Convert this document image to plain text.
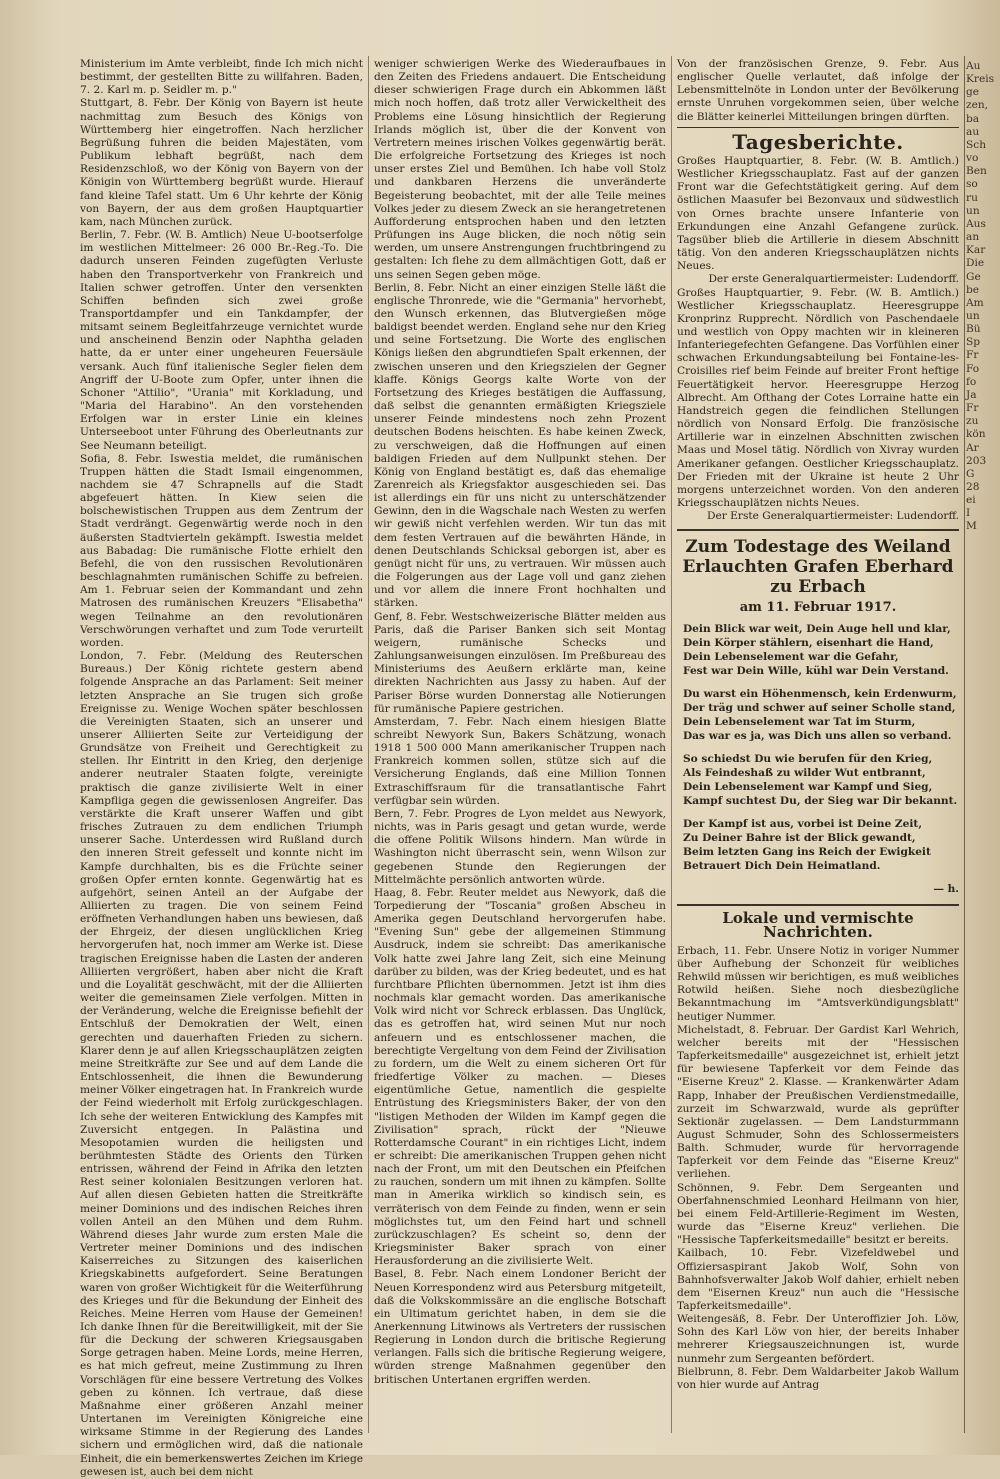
Ministerium im Amte verbleibt, finde Ich mich nicht bestimmt, der gestellten Bitte zu willfahren. Baden, 7. 2. Karl m. p. Seidler m. p."

Stuttgart, 8. Febr. Der König von Bayern ist heute nachmittag zum Besuch des Königs von Württemberg hier eingetroffen. Nach herzlicher Begrüßung fuhren die beiden Majestäten, vom Publikum lebhaft begrüßt, nach dem Residenzschloß, wo der König von Bayern von der Königin von Württemberg begrüßt wurde. Hierauf fand kleine Tafel statt. Um 6 Uhr kehrte der König von Bayern, der aus dem großen Hauptquartier kam, nach München zurück.

Berlin, 7. Febr. (W. B. Amtlich) Neue U-bootserfolge im westlichen Mittelmeer: 26 000 Br.-Reg.-To. Die dadurch unseren Feinden zugefügten Verluste haben den Transportverkehr von Frankreich und Italien schwer getroffen. Unter den versenkten Schiffen befinden sich zwei große Transportdampfer und ein Tankdampfer, der mitsamt seinem Begleitfahrzeuge vernichtet wurde und anscheinend Benzin oder Naphtha geladen hatte, da er unter einer ungeheuren Feuersäule versank. Auch fünf italienische Segler fielen dem Angriff der U-Boote zum Opfer, unter ihnen die Schoner "Attilio", "Urania" mit Korkladung, und "Maria del Harabino". An den vorstehenden Erfolgen war in erster Linie ein kleines Unterseeboot unter Führung des Oberleutnants zur See Neumann beteiligt.

Sofia, 8. Febr. Iswestia meldet, die rumänischen Truppen hätten die Stadt Ismail eingenommen, nachdem sie 47 Schrapnells auf die Stadt abgefeuert hätten. In Kiew seien die bolschewistischen Truppen aus dem Zentrum der Stadt verdrängt. Gegenwärtig werde noch in den äußersten Stadtvierteln gekämpft. Iswestia meldet aus Babadag: Die rumänische Flotte erhielt den Befehl, die von den russischen Revolutionären beschlagnahmten rumänischen Schiffe zu befreien. Am 1. Februar seien der Kommandant und zehn Matrosen des rumänischen Kreuzers "Elisabetha" wegen Teilnahme an den revolutionären Verschwörungen verhaftet und zum Tode verurteilt worden.

London, 7. Febr. (Meldung des Reuterschen Bureaus.) Der König richtete gestern abend folgende Ansprache an das Parlament: Seit meiner letzten Ansprache an Sie trugen sich große Ereignisse zu. Wenige Wochen später beschlossen die Vereinigten Staaten, sich an unserer und unserer Alliierten Seite zur Verteidigung der Grundsätze von Freiheit und Gerechtigkeit zu stellen. Ihr Eintritt in den Krieg, den derjenige anderer neutraler Staaten folgte, vereinigte praktisch die ganze zivilisierte Welt in einer Kampfliga gegen die gewissenlosen Angreifer. Das verstärkte die Kraft unserer Waffen und gibt frisches Zutrauen zu dem endlichen Triumph unserer Sache. Unterdessen wird Rußland durch den inneren Streit gefesselt und konnte nicht im Kampfe durchhalten, bis es die Früchte seiner großen Opfer ernten konnte. Gegenwärtig hat es aufgehört, seinen Anteil an der Aufgabe der Alliierten zu tragen. Die von seinem Feind eröffneten Verhandlungen haben uns bewiesen, daß der Ehrgeiz, der diesen unglücklichen Krieg hervorgerufen hat, noch immer am Werke ist. Diese tragischen Ereignisse haben die Lasten der anderen Alliierten vergrößert, haben aber nicht die Kraft und die Loyalität geschwächt, mit der die Alliierten weiter die gemeinsamen Ziele verfolgen. Mitten in der Veränderung, welche die Ereignisse befiehlt der Entschluß der Demokratien der Welt, einen gerechten und dauerhaften Frieden zu sichern. Klarer denn je auf allen Kriegsschauplätzen zeigten meine Streitkräfte zur See und auf dem Lande die Entschlossenheit, die ihnen die Bewunderung meiner Völker eingetragen hat. In Frankreich wurde der Feind wiederholt mit Erfolg zurückgeschlagen. Ich sehe der weiteren Entwicklung des Kampfes mit Zuversicht entgegen. In Palästina und Mesopotamien wurden die heiligsten und berühmtesten Städte des Orients den Türken entrissen, während der Feind in Afrika den letzten Rest seiner kolonialen Besitzungen verloren hat. Auf allen diesen Gebieten hatten die Streitkräfte meiner Dominions und des indischen Reiches ihren vollen Anteil an den Mühen und dem Ruhm. Während dieses Jahr wurde zum ersten Male die Vertreter meiner Dominions und des indischen Kaiserreiches zu Sitzungen des kaiserlichen Kriegskabinetts aufgefordert. Seine Beratungen waren von großer Wichtigkeit für die Weiterführung des Krieges und für die Bekundung der Einheit des Reiches. Meine Herren vom Hause der Gemeinen! Ich danke Ihnen für die Bereitwilligkeit, mit der Sie für die Deckung der schweren Kriegsausgaben Sorge getragen haben. Meine Lords, meine Herren, es hat mich gefreut, meine Zustimmung zu Ihren Vorschlägen für eine bessere Vertretung des Volkes geben zu können. Ich vertraue, daß diese Maßnahme einer größeren Anzahl meiner Untertanen im Vereinigten Königreiche eine wirksame Stimme in der Regierung des Landes sichern und ermöglichen wird, daß die nationale Einheit, die ein bemerkenswertes Zeichen im Kriege gewesen ist, auch bei dem nicht

weniger schwierigen Werke des Wiederaufbaues in den Zeiten des Friedens andauert. Die Entscheidung dieser schwierigen Frage durch ein Abkommen läßt mich noch hoffen, daß trotz aller Verwickeltheit des Problems eine Lösung hinsichtlich der Regierung Irlands möglich ist, über die der Konvent von Vertretern meines irischen Volkes gegenwärtig berät. Die erfolgreiche Fortsetzung des Krieges ist noch unser erstes Ziel und Bemühen. Ich habe voll Stolz und dankbaren Herzens die unveränderte Begeisterung beobachtet, mit der alle Teile meines Volkes jeder zu diesem Zweck an sie herangetretenen Aufforderung entsprochen haben und den letzten Prüfungen ins Auge blicken, die noch nötig sein werden, um unsere Anstrengungen fruchtbringend zu gestalten: Ich flehe zu dem allmächtigen Gott, daß er uns seinen Segen geben möge.

Berlin, 8. Febr. Nicht an einer einzigen Stelle läßt die englische Thronrede, wie die "Germania" hervorhebt, den Wunsch erkennen, das Blutvergießen möge baldigst beendet werden. England sehe nur den Krieg und seine Fortsetzung. Die Worte des englischen Königs ließen den abgrundtiefen Spalt erkennen, der zwischen unseren und den Kriegszielen der Gegner klaffe. Königs Georgs kalte Worte von der Fortsetzung des Krieges bestätigen die Auffassung, daß selbst die genannten ermäßigten Kriegsziele unserer Feinde mindestens noch zehn Prozent deutschen Bodens heischten. Es habe keinen Zweck, zu verschweigen, daß die Hoffnungen auf einen baldigen Frieden auf dem Nullpunkt stehen. Der König von England bestätigt es, daß das ehemalige Zarenreich als Kriegsfaktor ausgeschieden sei. Das ist allerdings ein für uns nicht zu unterschätzender Gewinn, den in die Wagschale nach Westen zu werfen wir gewiß nicht verfehlen werden. Wir tun das mit dem festen Vertrauen auf die bewährten Hände, in denen Deutschlands Schicksal geborgen ist, aber es genügt nicht für uns, zu vertrauen. Wir müssen auch die Folgerungen aus der Lage voll und ganz ziehen und vor allem die innere Front hochhalten und stärken.

Genf, 8. Febr. Westschweizerische Blätter melden aus Paris, daß die Pariser Banken sich seit Montag weigern, rumänische Schecks und Zahlungsanweisungen einzulösen. Im Preßbureau des Ministeriums des Aeußern erklärte man, keine direkten Nachrichten aus Jassy zu haben. Auf der Pariser Börse wurden Donnerstag alle Notierungen für rumänische Papiere gestrichen.

Amsterdam, 7. Febr. Nach einem hiesigen Blatte schreibt Newyork Sun, Bakers Schätzung, wonach 1918 1 500 000 Mann amerikanischer Truppen nach Frankreich kommen sollen, stütze sich auf die Versicherung Englands, daß eine Million Tonnen Extraschiffsraum für die transatlantische Fahrt verfügbar sein würden.

Bern, 7. Febr. Progres de Lyon meldet aus Newyork, nichts, was in Paris gesagt und getan wurde, werde die offene Politik Wilsons hindern. Man würde in Washington nicht überrascht sein, wenn Wilson zur gegebenen Stunde den Regierungen der Mittelmächte persönlich antworten würde.

Haag, 8. Febr. Reuter meldet aus Newyork, daß die Torpedierung der "Toscania" großen Abscheu in Amerika gegen Deutschland hervorgerufen habe. "Evening Sun" gebe der allgemeinen Stimmung Ausdruck, indem sie schreibt: Das amerikanische Volk hatte zwei Jahre lang Zeit, sich eine Meinung darüber zu bilden, was der Krieg bedeutet, und es hat furchtbare Pflichten übernommen. Jetzt ist ihm dies nochmals klar gemacht worden. Das amerikanische Volk wird nicht vor Schreck erblassen. Das Unglück, das es getroffen hat, wird seinen Mut nur noch anfeuern und es entschlossener machen, die berechtigte Vergeltung von dem Feind der Zivilisation zu fordern, um die Welt zu einem sicheren Ort für friedfertige Völker zu machen. — Dieses eigentümliche Getue, namentlich die gespielte Entrüstung des Kriegsministers Baker, der von den "listigen Methoden der Wilden im Kampf gegen die Zivilisation" sprach, rückt der "Nieuwe Rotterdamsche Courant" in ein richtiges Licht, indem er schreibt: Die amerikanischen Truppen gehen nicht nach der Front, um mit den Deutschen ein Pfeifchen zu rauchen, sondern um mit ihnen zu kämpfen. Sollte man in Amerika wirklich so kindisch sein, es verräterisch von dem Feinde zu finden, wenn er sein möglichstes tut, um den Feind hart und schnell zurückzuschlagen? Es scheint so, denn der Kriegsminister Baker sprach von einer Herausforderung an die zivilisierte Welt.

Basel, 8. Febr. Nach einem Londoner Bericht der Neuen Korrespondenz wird aus Petersburg mitgeteilt, daß die Volkskommissäre an die englische Botschaft ein Ultimatum gerichtet haben, in dem sie die Anerkennung Litwinows als Vertreters der russischen Regierung in London durch die britische Regierung verlangen. Falls sich die britische Regierung weigere, würden strenge Maßnahmen gegenüber den britischen Untertanen ergriffen werden.

Von der französischen Grenze, 9. Febr. Aus englischer Quelle verlautet, daß infolge der Lebensmittelnöte in London unter der Bevölkerung ernste Unruhen vorgekommen seien, über welche die Blätter keinerlei Mitteilungen bringen dürften.

Tagesberichte.

Großes Hauptquartier, 8. Febr. (W. B. Amtlich.) Westlicher Kriegsschauplatz. Fast auf der ganzen Front war die Gefechtstätigkeit gering. Auf dem östlichen Maasufer bei Bezonvaux und südwestlich von Ornes brachte unsere Infanterie von Erkundungen eine Anzahl Gefangene zurück. Tagsüber blieb die Artillerie in diesem Abschnitt tätig. Von den anderen Kriegsschauplätzen nichts Neues.

Der erste Generalquartiermeister: Ludendorff.

Großes Hauptquartier, 9. Febr. (W. B. Amtlich.) Westlicher Kriegsschauplatz. Heeresgruppe Kronprinz Rupprecht. Nördlich von Paschendaele und westlich von Oppy machten wir in kleineren Infanteriegefechten Gefangene. Das Vorfühlen einer schwachen Erkundungsabteilung bei Fontaine-les-Croisilles rief beim Feinde auf breiter Front heftige Feuertätigkeit hervor. Heeresgruppe Herzog Albrecht. Am Ofthang der Cotes Lorraine hatte ein Handstreich gegen die feindlichen Stellungen nördlich von Nonsard Erfolg. Die französische Artillerie war in einzelnen Abschnitten zwischen Maas und Mosel tätig. Nördlich von Xivray wurden Amerikaner gefangen. Oestlicher Kriegsschauplatz. Der Frieden mit der Ukraine ist heute 2 Uhr morgens unterzeichnet worden. Von den anderen Kriegsschauplätzen nichts Neues.

Der Erste Generalquartiermeister: Ludendorff.

Zum Todestage des Weiland Erlauchten Grafen Eberhard zu Erbach
am 11. Februar 1917.
Dein Blick war weit, Dein Auge hell und klar,
Dein Körper stählern, eisenhart die Hand,
Dein Lebenselement war die Gefahr,
Fest war Dein Wille, kühl war Dein Verstand.
Du warst ein Höhenmensch, kein Erdenwurm,
Der träg und schwer auf seiner Scholle stand,
Dein Lebenselement war Tat im Sturm,
Das war es ja, was Dich uns allen so verband.
So schiedst Du wie berufen für den Krieg,
Als Feindeshaß zu wilder Wut entbrannt,
Dein Lebenselement war Kampf und Sieg,
Kampf suchtest Du, der Sieg war Dir bekannt.
Der Kampf ist aus, vorbei ist Deine Zeit,
Zu Deiner Bahre ist der Blick gewandt,
Beim letzten Gang ins Reich der Ewigkeit
Betrauert Dich Dein Heimatland.
— h.
Lokale und vermischte Nachrichten.

Erbach, 11. Febr. Unsere Notiz in voriger Nummer über Aufhebung der Schonzeit für weibliches Rehwild müssen wir berichtigen, es muß weibliches Rotwild heißen. Siehe noch diesbezügliche Bekanntmachung im "Amtsverkündigungsblatt" heutiger Nummer.

Michelstadt, 8. Februar. Der Gardist Karl Wehrich, welcher bereits mit der "Hessischen Tapferkeitsmedaille" ausgezeichnet ist, erhielt jetzt für bewiesene Tapferkeit vor dem Feinde das "Eiserne Kreuz" 2. Klasse. — Krankenwärter Adam Rapp, Inhaber der Preußischen Verdienstmedaille, zurzeit im Schwarzwald, wurde als geprüfter Sektionär zugelassen. — Dem Landsturmmann August Schmuder, Sohn des Schlossermeisters Balth. Schmuder, wurde für hervorragende Tapferkeit vor dem Feinde das "Eiserne Kreuz" verliehen.

Schönnen, 9. Febr. Dem Sergeanten und Oberfahnenschmied Leonhard Heilmann von hier, bei einem Feld-Artillerie-Regiment im Westen, wurde das "Eiserne Kreuz" verliehen. Die "Hessische Tapferkeitsmedaille" besitzt er bereits.

Kailbach, 10. Febr. Vizefeldwebel und Offiziersaspirant Jakob Wolf, Sohn von Bahnhofsverwalter Jakob Wolf dahier, erhielt neben dem "Eisernen Kreuz" nun auch die "Hessische Tapferkeitsmedaille".

Weitengesäß, 8. Febr. Der Unteroffizier Joh. Löw, Sohn des Karl Löw von hier, der bereits Inhaber mehrerer Kriegsauszeichnungen ist, wurde nunmehr zum Sergeanten befördert.

Bielbrunn, 8. Febr. Dem Waldarbeiter Jakob Wallum von hier wurde auf Antrag

Au
Kreis
ge
zen,
ba
au
Sch
vo
Ben
so
ru
un
Aus
an
Kar
Die
Ge
be
Am
un
Bü
Sp
Fr
Fo
fo
Ja
Fr
zu
kön
Ar
203
G
28
ei
I
M
